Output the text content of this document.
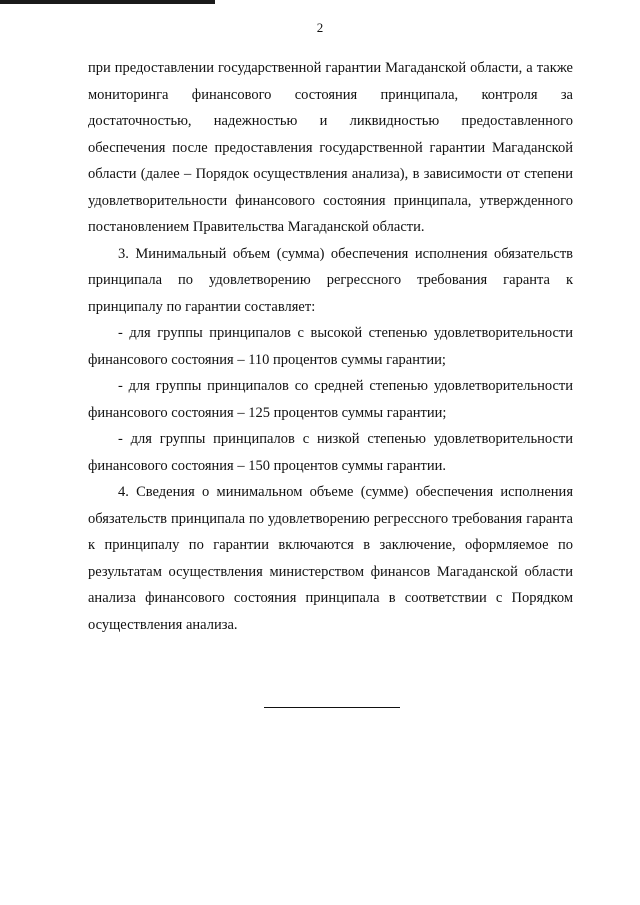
2

при предоставлении государственной гарантии Магаданской области, а также мониторинга финансового состояния принципала, контроля за достаточностью, надежностью и ликвидностью предоставленного обеспечения после предоставления государственной гарантии Магаданской области (далее – Порядок осуществления анализа), в зависимости от степени удовлетворительности финансового состояния принципала, утвержденного постановлением Правительства Магаданской области.

3. Минимальный объем (сумма) обеспечения исполнения обязательств принципала по удовлетворению регрессного требования гаранта к принципалу по гарантии составляет:

- для группы принципалов с высокой степенью удовлетворительности финансового состояния – 110 процентов суммы гарантии;

- для группы принципалов со средней степенью удовлетворительности финансового состояния – 125 процентов суммы гарантии;

- для группы принципалов с низкой степенью удовлетворительности финансового состояния – 150 процентов суммы гарантии.

4. Сведения о минимальном объеме (сумме) обеспечения исполнения обязательств принципала по удовлетворению регрессного требования гаранта к принципалу по гарантии включаются в заключение, оформляемое по результатам осуществления министерством финансов Магаданской области анализа финансового состояния принципала в соответствии с Порядком осуществления анализа.
